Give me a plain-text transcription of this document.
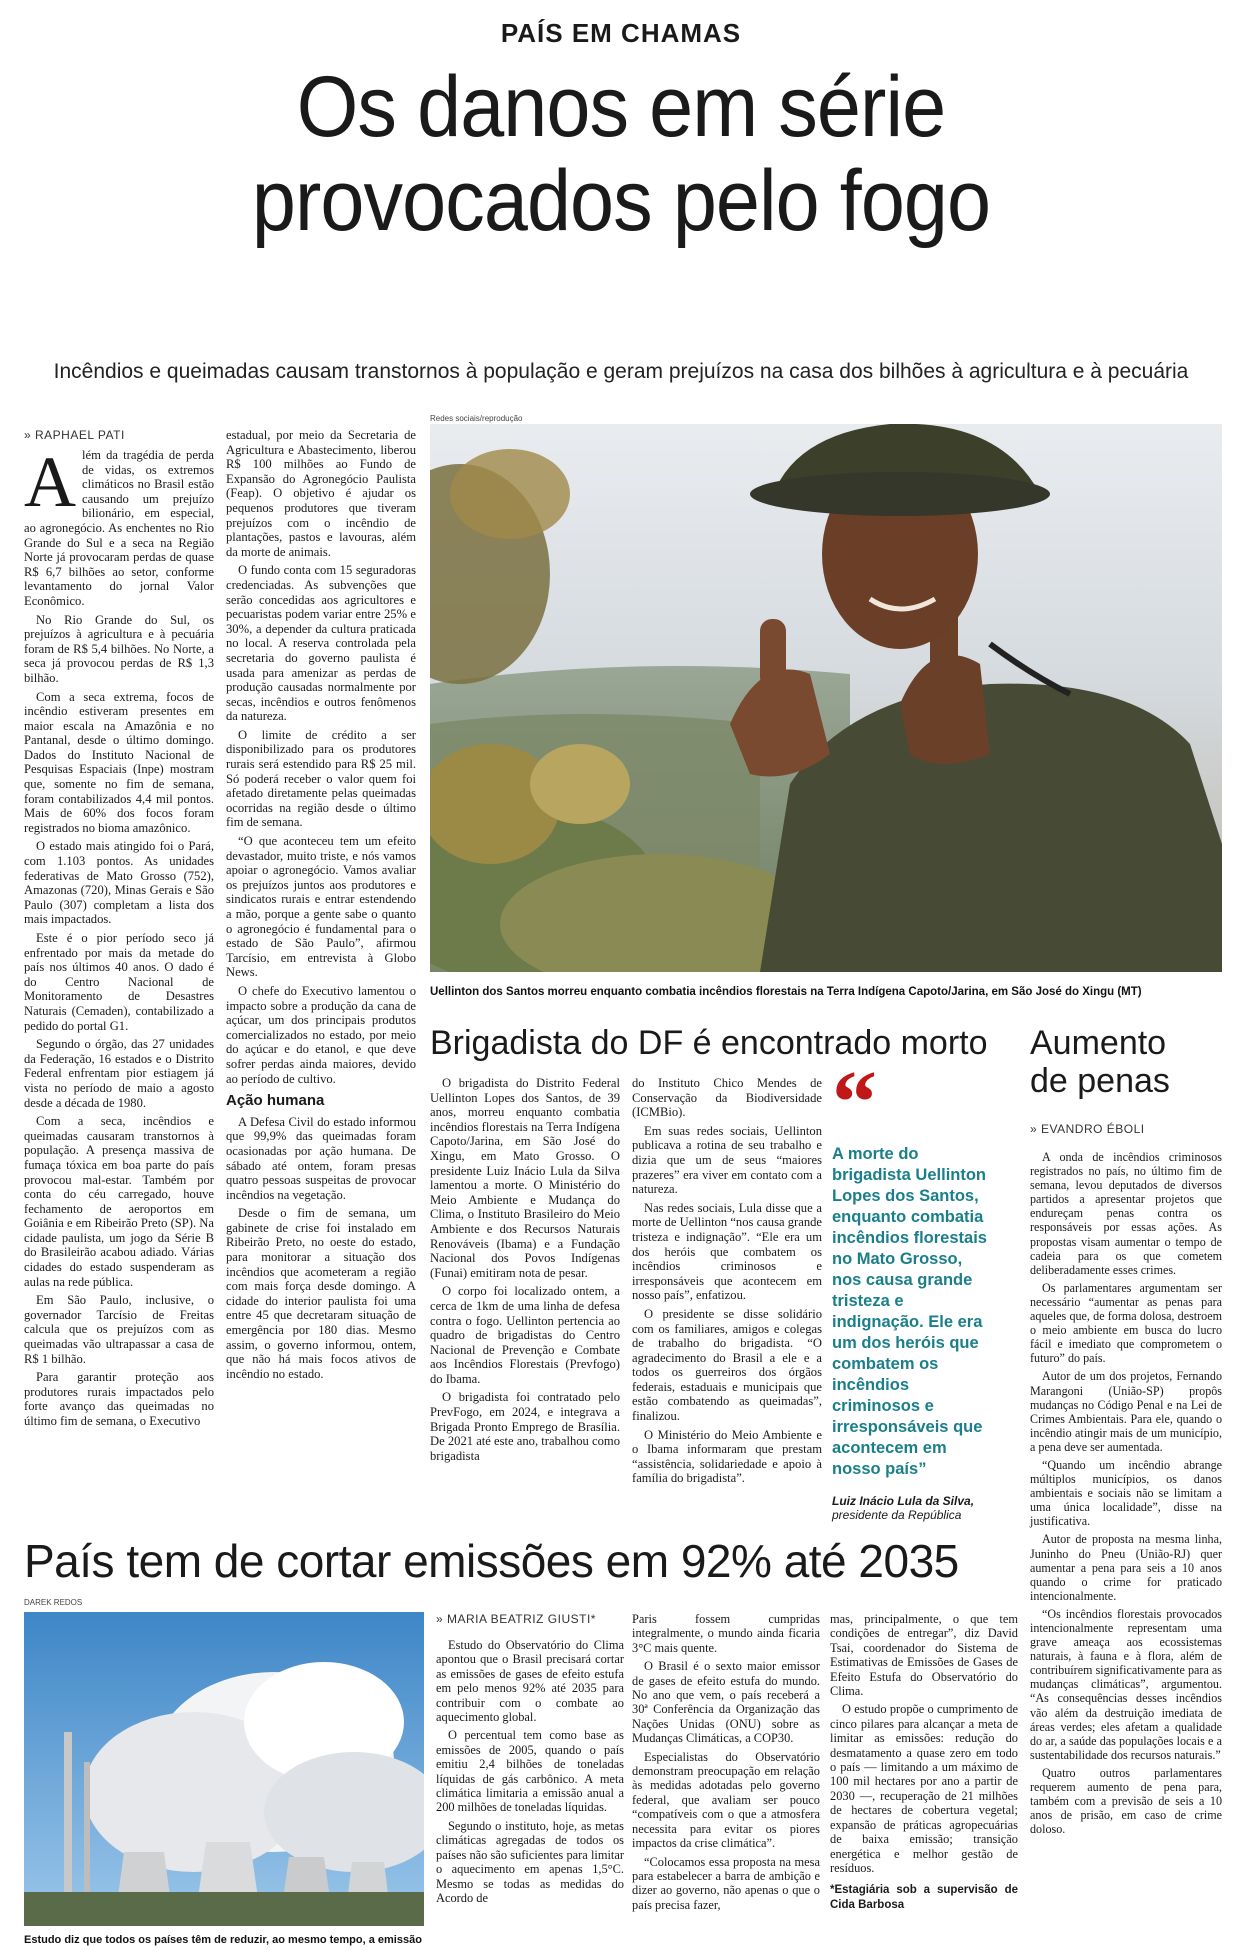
PAÍS EM CHAMAS
Os danos em série
provocados pelo fogo
Incêndios e queimadas causam transtornos à população e geram prejuízos na casa dos bilhões à agricultura e à pecuária
» RAPHAEL PATI

Além da tragédia de perda de vidas, os extremos climáticos no Brasil estão causando um prejuízo bilionário, em especial, ao agronegócio. As enchentes no Rio Grande do Sul e a seca na Região Norte já provocaram perdas de quase R$ 6,7 bilhões ao setor, conforme levantamento do jornal Valor Econômico.

No Rio Grande do Sul, os prejuízos à agricultura e à pecuária foram de R$ 5,4 bilhões. No Norte, a seca já provocou perdas de R$ 1,3 bilhão.

Com a seca extrema, focos de incêndio estiveram presentes em maior escala na Amazônia e no Pantanal, desde o último domingo. Dados do Instituto Nacional de Pesquisas Espaciais (Inpe) mostram que, somente no fim de semana, foram contabilizados 4,4 mil pontos. Mais de 60% dos focos foram registrados no bioma amazônico.

O estado mais atingido foi o Pará, com 1.103 pontos. As unidades federativas de Mato Grosso (752), Amazonas (720), Minas Gerais e São Paulo (307) completam a lista dos mais impactados.

Este é o pior período seco já enfrentado por mais da metade do país nos últimos 40 anos. O dado é do Centro Nacional de Monitoramento de Desastres Naturais (Cemaden), contabilizado a pedido do portal G1.

Segundo o órgão, das 27 unidades da Federação, 16 estados e o Distrito Federal enfrentam pior estiagem já vista no período de maio a agosto desde a década de 1980.

Com a seca, incêndios e queimadas causaram transtornos à população. A presença massiva de fumaça tóxica em boa parte do país provocou mal-estar. Também por conta do céu carregado, houve fechamento de aeroportos em Goiânia e em Ribeirão Preto (SP). Na cidade paulista, um jogo da Série B do Brasileirão acabou adiado. Várias cidades do estado suspenderam as aulas na rede pública.

Em São Paulo, inclusive, o governador Tarcísio de Freitas calcula que os prejuízos com as queimadas vão ultrapassar a casa de R$ 1 bilhão.

Para garantir proteção aos produtores rurais impactados pelo forte avanço das queimadas no último fim de semana, o Executivo

estadual, por meio da Secretaria de Agricultura e Abastecimento, liberou R$ 100 milhões ao Fundo de Expansão do Agronegócio Paulista (Feap). O objetivo é ajudar os pequenos produtores que tiveram prejuízos com o incêndio de plantações, pastos e lavouras, além da morte de animais.

O fundo conta com 15 seguradoras credenciadas. As subvenções que serão concedidas aos agricultores e pecuaristas podem variar entre 25% e 30%, a depender da cultura praticada no local. A reserva controlada pela secretaria do governo paulista é usada para amenizar as perdas de produção causadas normalmente por secas, incêndios e outros fenômenos da natureza.

O limite de crédito a ser disponibilizado para os produtores rurais será estendido para R$ 25 mil. Só poderá receber o valor quem foi afetado diretamente pelas queimadas ocorridas na região desde o último fim de semana.

“O que aconteceu tem um efeito devastador, muito triste, e nós vamos apoiar o agronegócio. Vamos avaliar os prejuízos juntos aos produtores e sindicatos rurais e entrar estendendo a mão, porque a gente sabe o quanto o agronegócio é fundamental para o estado de São Paulo”, afirmou Tarcísio, em entrevista à Globo News.

O chefe do Executivo lamentou o impacto sobre a produção da cana de açúcar, um dos principais produtos comercializados no estado, por meio do açúcar e do etanol, e que deve sofrer perdas ainda maiores, devido ao período de cultivo.

Ação humana

A Defesa Civil do estado informou que 99,9% das queimadas foram ocasionadas por ação humana. De sábado até ontem, foram presas quatro pessoas suspeitas de provocar incêndios na vegetação.

Desde o fim de semana, um gabinete de crise foi instalado em Ribeirão Preto, no oeste do estado, para monitorar a situação dos incêndios que acometeram a região com mais força desde domingo. A cidade do interior paulista foi uma entre 45 que decretaram situação de emergência por 180 dias. Mesmo assim, o governo informou, ontem, que não há mais focos ativos de incêndio no estado.

Redes sociais/reprodução
Uellinton dos Santos morreu enquanto combatia incêndios florestais na Terra Indígena Capoto/Jarina, em São José do Xingu (MT)
Brigadista do DF é encontrado morto

O brigadista do Distrito Federal Uellinton Lopes dos Santos, de 39 anos, morreu enquanto combatia incêndios florestais na Terra Indígena Capoto/Jarina, em São José do Xingu, em Mato Grosso. O presidente Luiz Inácio Lula da Silva lamentou a morte. O Ministério do Meio Ambiente e Mudança do Clima, o Instituto Brasileiro do Meio Ambiente e dos Recursos Naturais Renováveis (Ibama) e a Fundação Nacional dos Povos Indígenas (Funai) emitiram nota de pesar.

O corpo foi localizado ontem, a cerca de 1km de uma linha de defesa contra o fogo. Uellinton pertencia ao quadro de brigadistas do Centro Nacional de Prevenção e Combate aos Incêndios Florestais (Prevfogo) do Ibama.

O brigadista foi contratado pelo PrevFogo, em 2024, e integrava a Brigada Pronto Emprego de Brasília. De 2021 até este ano, trabalhou como brigadista

do Instituto Chico Mendes de Conservação da Biodiversidade (ICMBio).

Em suas redes sociais, Uellinton publicava a rotina de seu trabalho e dizia que um de seus “maiores prazeres” era viver em contato com a natureza.

Nas redes sociais, Lula disse que a morte de Uellinton “nos causa grande tristeza e indignação”. “Ele era um dos heróis que combatem os incêndios criminosos e irresponsáveis que acontecem em nosso país”, enfatizou.

O presidente se disse solidário com os familiares, amigos e colegas de trabalho do brigadista. “O agradecimento do Brasil a ele e a todos os guerreiros dos órgãos federais, estaduais e municipais que estão combatendo as queimadas”, finalizou.

O Ministério do Meio Ambiente e o Ibama informaram que prestam “assistência, solidariedade e apoio à família do brigadista”.

“
A morte do brigadista Uellinton Lopes dos Santos, enquanto combatia incêndios florestais no Mato Grosso, nos causa grande tristeza e indignação. Ele era um dos heróis que combatem os incêndios criminosos e irresponsáveis que acontecem em nosso país”
Luiz Inácio Lula da Silva,
presidente da República
Aumento
de penas
» EVANDRO ÉBOLI

A onda de incêndios criminosos registrados no país, no último fim de semana, levou deputados de diversos partidos a apresentar projetos que endureçam penas contra os responsáveis por essas ações. As propostas visam aumentar o tempo de cadeia para os que cometem deliberadamente esses crimes.

Os parlamentares argumentam ser necessário “aumentar as penas para aqueles que, de forma dolosa, destroem o meio ambiente em busca do lucro fácil e imediato que comprometem o futuro” do país.

Autor de um dos projetos, Fernando Marangoni (União-SP) propôs mudanças no Código Penal e na Lei de Crimes Ambientais. Para ele, quando o incêndio atingir mais de um município, a pena deve ser aumentada.

“Quando um incêndio abrange múltiplos municípios, os danos ambientais e sociais não se limitam a uma única localidade”, disse na justificativa.

Autor de proposta na mesma linha, Juninho do Pneu (União-RJ) quer aumentar a pena para seis a 10 anos quando o crime for praticado intencionalmente.

“Os incêndios florestais provocados intencionalmente representam uma grave ameaça aos ecossistemas naturais, à fauna e à flora, além de contribuírem significativamente para as mudanças climáticas”, argumentou. “As consequências desses incêndios vão além da destruição imediata de áreas verdes; eles afetam a qualidade do ar, a saúde das populações locais e a sustentabilidade dos recursos naturais.”

Quatro outros parlamentares requerem aumento de pena para, também com a previsão de seis a 10 anos de prisão, em caso de crime doloso.

País tem de cortar emissões em 92% até 2035
DAREK REDOS
Estudo diz que todos os países têm de reduzir, ao mesmo tempo, a emissão
» MARIA BEATRIZ GIUSTI*

Estudo do Observatório do Clima apontou que o Brasil precisará cortar as emissões de gases de efeito estufa em pelo menos 92% até 2035 para contribuir com o combate ao aquecimento global.

O percentual tem como base as emissões de 2005, quando o país emitiu 2,4 bilhões de toneladas líquidas de gás carbônico. A meta climática limitaria a emissão anual a 200 milhões de toneladas líquidas.

Segundo o instituto, hoje, as metas climáticas agregadas de todos os países não são suficientes para limitar o aquecimento em apenas 1,5°C. Mesmo se todas as medidas do Acordo de

Paris fossem cumpridas integralmente, o mundo ainda ficaria 3°C mais quente.

O Brasil é o sexto maior emissor de gases de efeito estufa do mundo. No ano que vem, o país receberá a 30ª Conferência da Organização das Nações Unidas (ONU) sobre as Mudanças Climáticas, a COP30.

Especialistas do Observatório demonstram preocupação em relação às medidas adotadas pelo governo federal, que avaliam ser pouco “compatíveis com o que a atmosfera necessita para evitar os piores impactos da crise climática”.

“Colocamos essa proposta na mesa para estabelecer a barra de ambição e dizer ao governo, não apenas o que o país precisa fazer,

mas, principalmente, o que tem condições de entregar”, diz David Tsai, coordenador do Sistema de Estimativas de Emissões de Gases de Efeito Estufa do Observatório do Clima.

O estudo propõe o cumprimento de cinco pilares para alcançar a meta de limitar as emissões: redução do desmatamento a quase zero em todo o país — limitando a um máximo de 100 mil hectares por ano a partir de 2030 —, recuperação de 21 milhões de hectares de cobertura vegetal; expansão de práticas agropecuárias de baixa emissão; transição energética e melhor gestão de resíduos.

*Estagiária sob a supervisão de Cida Barbosa
